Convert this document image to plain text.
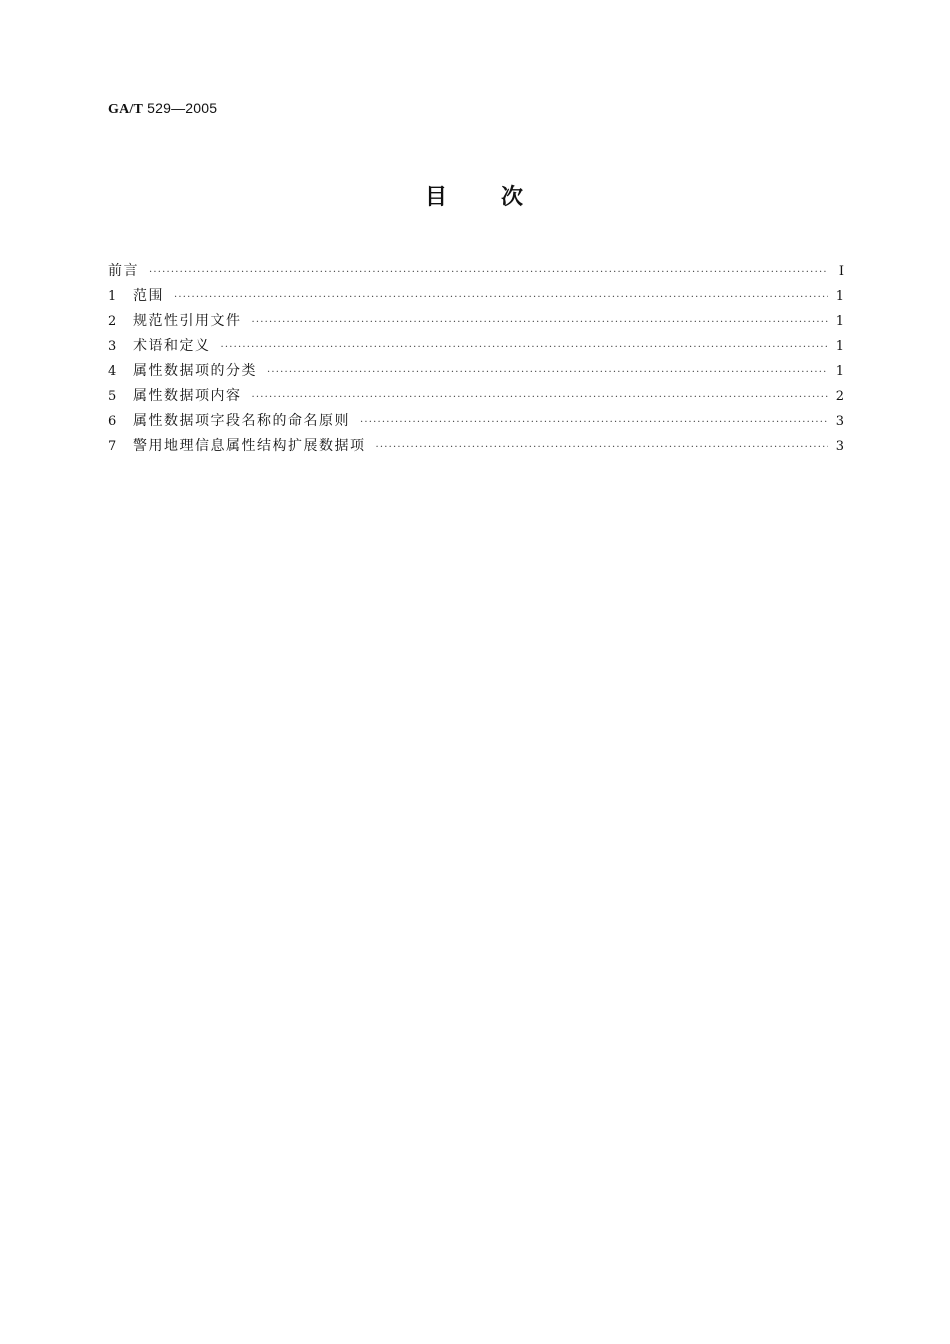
GA/T 529—2005
目 次
前言 ·····	I
1	范围 ·····	1
2	规范性引用文件 ·····	1
3	术语和定义 ·····	1
4	属性数据项的分类 ·····	1
5	属性数据项内容 ·····	2
6	属性数据项字段名称的命名原则 ·····	3
7	警用地理信息属性结构扩展数据项 ·····	3
